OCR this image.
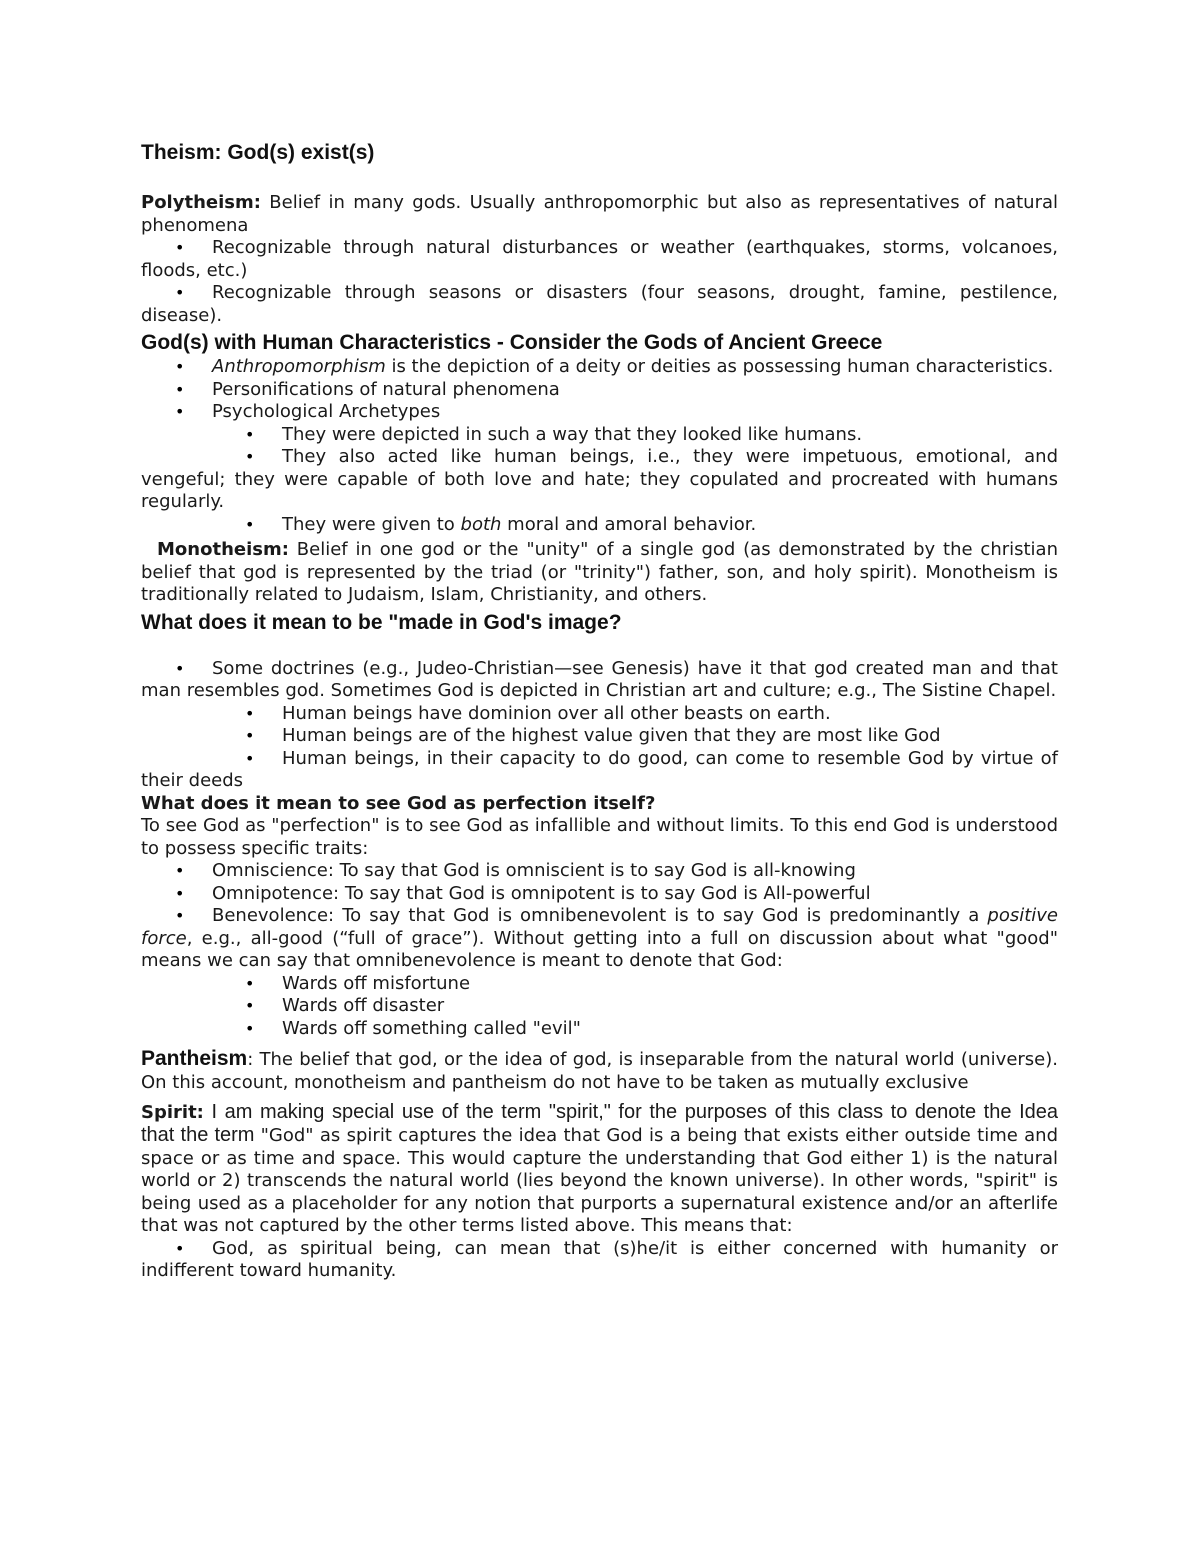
Theism: God(s) exist(s)

Polytheism: Belief in many gods. Usually anthropomorphic but also as representatives of natural phenomena

• Recognizable through natural disturbances or weather (earthquakes, storms, volcanoes, floods, etc.)
• Recognizable through seasons or disasters (four seasons, drought, famine, pestilence, disease).
God(s) with Human Characteristics - Consider the Gods of Ancient Greece
• Anthropomorphism is the depiction of a deity or deities as possessing human characteristics.
• Personifications of natural phenomena
• Psychological Archetypes
• They were depicted in such a way that they looked like humans.
• They also acted like human beings, i.e., they were impetuous, emotional, and vengeful; they were capable of both love and hate; they copulated and procreated with humans regularly.
• They were given to both moral and amoral behavior.

Monotheism: Belief in one god or the "unity" of a single god (as demonstrated by the christian belief that god is represented by the triad (or "trinity") father, son, and holy spirit). Monotheism is traditionally related to Judaism, Islam, Christianity, and others.

What does it mean to be "made in God's image?
• Some doctrines (e.g., Judeo-Christian—see Genesis) have it that god created man and that man resembles god. Sometimes God is depicted in Christian art and culture; e.g., The Sistine Chapel.
• Human beings have dominion over all other beasts on earth.
• Human beings are of the highest value given that they are most like God
• Human beings, in their capacity to do good, can come to resemble God by virtue of their deeds
What does it mean to see God as perfection itself?

To see God as "perfection" is to see God as infallible and without limits. To this end God is understood to possess specific traits:

• Omniscience: To say that God is omniscient is to say God is all-knowing
• Omnipotence: To say that God is omnipotent is to say God is All-powerful
• Benevolence: To say that God is omnibenevolent is to say God is predominantly a positive force, e.g., all-good (“full of grace”). Without getting into a full on discussion about what "good" means we can say that omnibenevolence is meant to denote that God:
• Wards off misfortune
• Wards off disaster
• Wards off something called "evil"

Pantheism: The belief that god, or the idea of god, is inseparable from the natural world (universe). On this account, monotheism and pantheism do not have to be taken as mutually exclusive

Spirit: I am making special use of the term "spirit," for the purposes of this class to denote the Idea that the term "God" as spirit captures the idea that God is a being that exists either outside time and space or as time and space. This would capture the understanding that God either 1) is the natural world or 2) transcends the natural world (lies beyond the known universe). In other words, "spirit" is being used as a placeholder for any notion that purports a supernatural existence and/or an afterlife that was not captured by the other terms listed above. This means that:

• God, as spiritual being, can mean that (s)he/it is either concerned with humanity or indifferent toward humanity.
